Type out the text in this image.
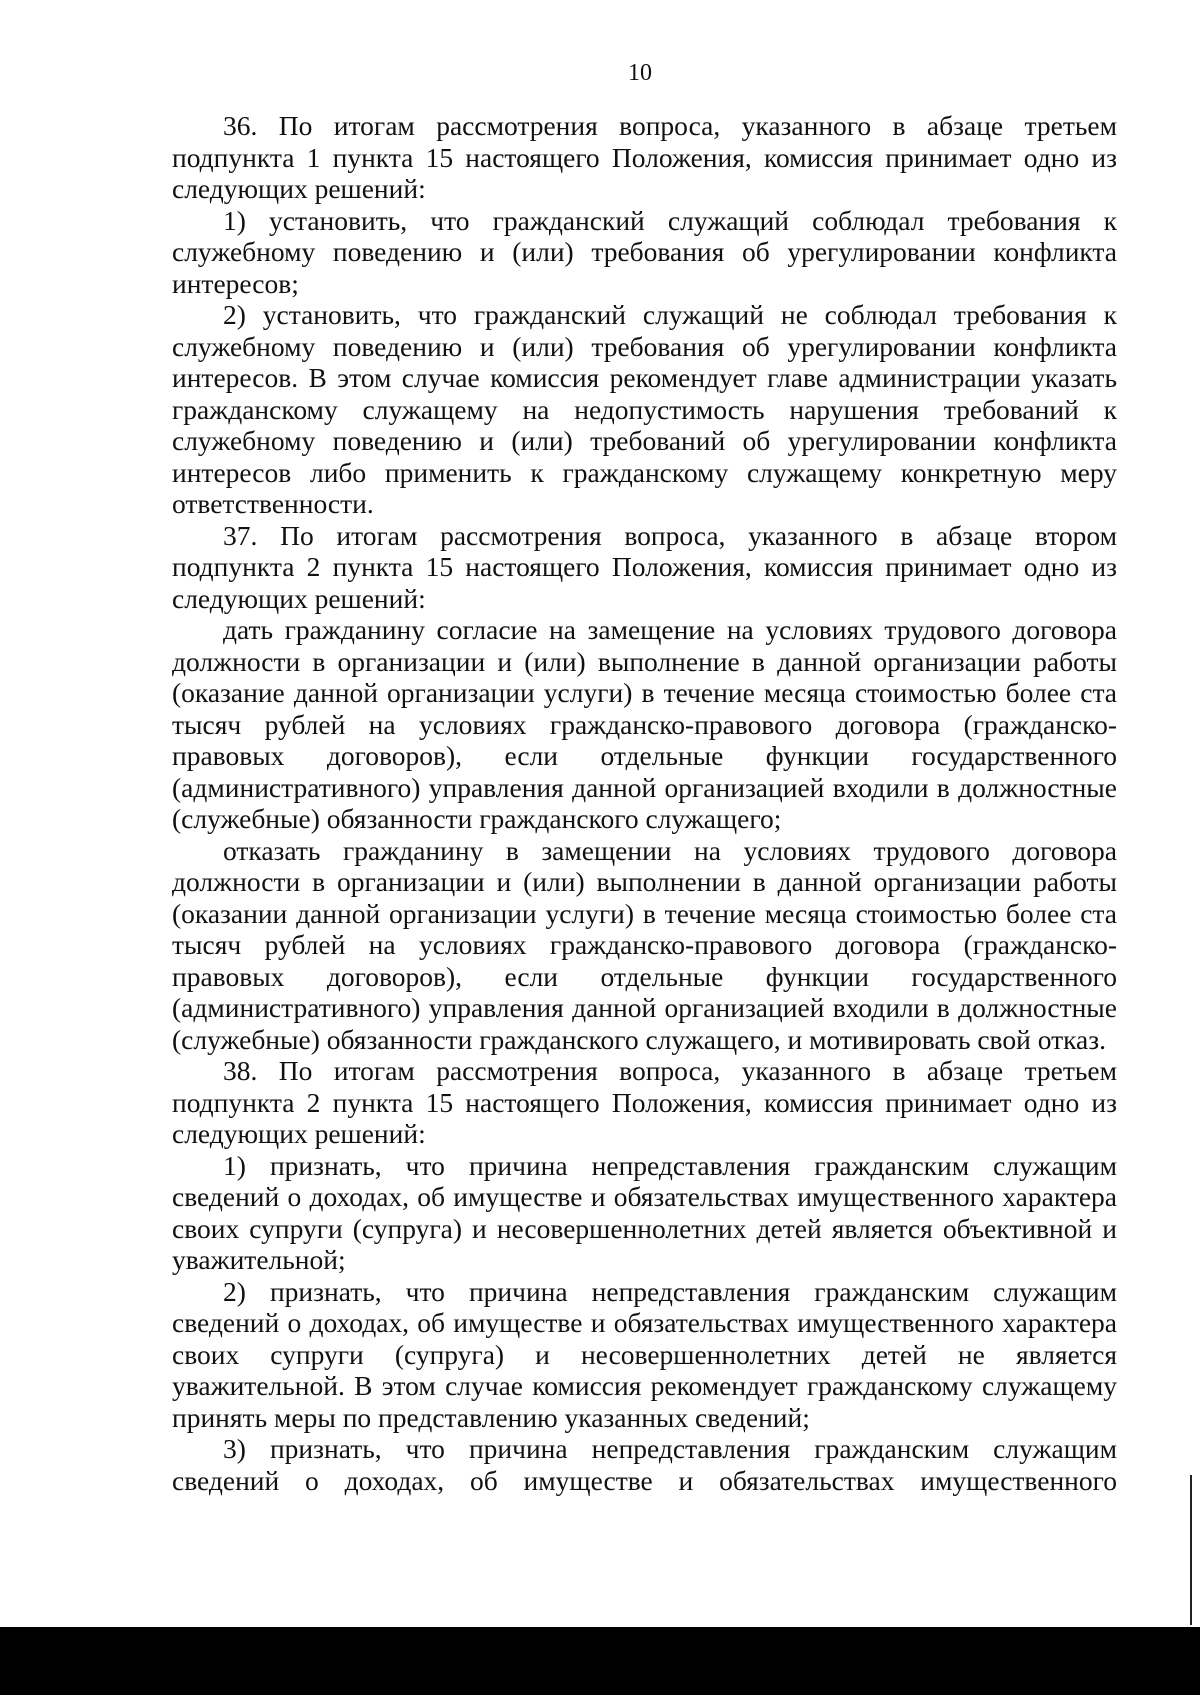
10

36. По итогам рассмотрения вопроса, указанного в абзаце третьем подпункта 1 пункта 15 настоящего Положения, комиссия принимает одно из следующих решений:

1) установить, что гражданский служащий соблюдал требования к служебному поведению и (или) требования об урегулировании конфликта интересов;

2) установить, что гражданский служащий не соблюдал требования к служебному поведению и (или) требования об урегулировании конфликта интересов. В этом случае комиссия рекомендует главе администрации указать гражданскому служащему на недопустимость нарушения требований к служебному поведению и (или) требований об урегулировании конфликта интересов либо применить к гражданскому служащему конкретную меру ответственности.

37. По итогам рассмотрения вопроса, указанного в абзаце втором подпункта 2 пункта 15 настоящего Положения, комиссия принимает одно из следующих решений:

дать гражданину согласие на замещение на условиях трудового договора должности в организации и (или) выполнение в данной организации работы (оказание данной организации услуги) в течение месяца стоимостью более ста тысяч рублей на условиях гражданско-правового договора (гражданско-правовых договоров), если отдельные функции государственного (административного) управления данной организацией входили в должностные (служебные) обязанности гражданского служащего;

отказать гражданину в замещении на условиях трудового договора должности в организации и (или) выполнении в данной организации работы (оказании данной организации услуги) в течение месяца стоимостью более ста тысяч рублей на условиях гражданско-правового договора (гражданско-правовых договоров), если отдельные функции государственного (административного) управления данной организацией входили в должностные (служебные) обязанности гражданского служащего, и мотивировать свой отказ.

38. По итогам рассмотрения вопроса, указанного в абзаце третьем подпункта 2 пункта 15 настоящего Положения, комиссия принимает одно из следующих решений:

1) признать, что причина непредставления гражданским служащим сведений о доходах, об имуществе и обязательствах имущественного характера своих супруги (супруга) и несовершеннолетних детей является объективной и уважительной;

2) признать, что причина непредставления гражданским служащим сведений о доходах, об имуществе и обязательствах имущественного характера своих супруги (супруга) и несовершеннолетних детей не является уважительной. В этом случае комиссия рекомендует гражданскому служащему принять меры по представлению указанных сведений;

3) признать, что причина непредставления гражданским служащим сведений о доходах, об имуществе и обязательствах имущественного
